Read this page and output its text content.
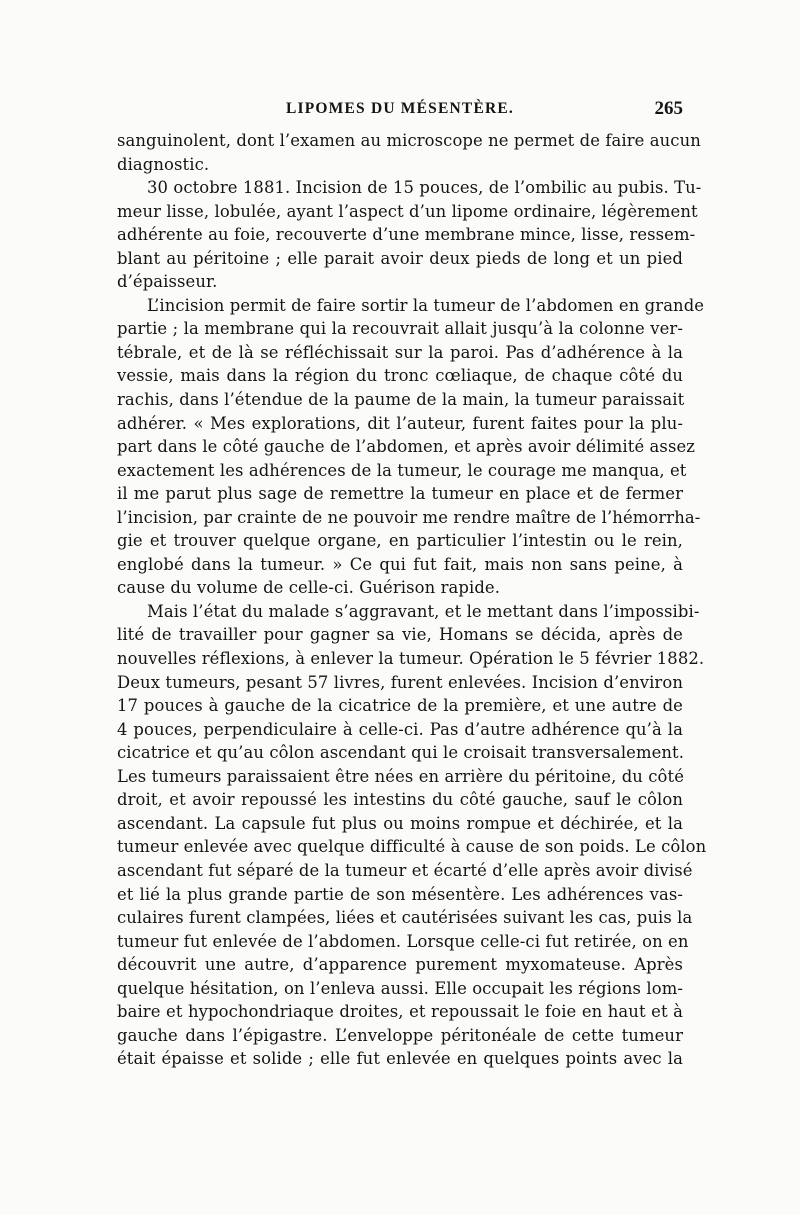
LIPOMES DU MÉSENTÈRE.	265
sanguinolent, dont l’examen au microscope ne permet de faire aucun
diagnostic.
30 octobre 1881. Incision de 15 pouces, de l’ombilic au pubis. Tu-
meur lisse, lobulée, ayant l’aspect d’un lipome ordinaire, légèrement
adhérente au foie, recouverte d’une membrane mince, lisse, ressem-
blant au péritoine ; elle parait avoir deux pieds de long et un pied
d’épaisseur.
L’incision permit de faire sortir la tumeur de l’abdomen en grande
partie ; la membrane qui la recouvrait allait jusqu’à la colonne ver-
tébrale, et de là se réfléchissait sur la paroi. Pas d’adhérence à la
vessie, mais dans la région du tronc cœliaque, de chaque côté du
rachis, dans l’étendue de la paume de la main, la tumeur paraissait
adhérer. « Mes explorations, dit l’auteur, furent faites pour la plu-
part dans le côté gauche de l’abdomen, et après avoir délimité assez
exactement les adhérences de la tumeur, le courage me manqua, et
il me parut plus sage de remettre la tumeur en place et de fermer
l’incision, par crainte de ne pouvoir me rendre maître de l’hémorrha-
gie et trouver quelque organe, en particulier l’intestin ou le rein,
englobé dans la tumeur. » Ce qui fut fait, mais non sans peine, à
cause du volume de celle-ci. Guérison rapide.
Mais l’état du malade s’aggravant, et le mettant dans l’impossibi-
lité de travailler pour gagner sa vie, Homans se décida, après de
nouvelles réflexions, à enlever la tumeur. Opération le 5 février 1882.
Deux tumeurs, pesant 57 livres, furent enlevées. Incision d’environ
17 pouces à gauche de la cicatrice de la première, et une autre de
4 pouces, perpendiculaire à celle-ci. Pas d’autre adhérence qu’à la
cicatrice et qu’au côlon ascendant qui le croisait transversalement.
Les tumeurs paraissaient être nées en arrière du péritoine, du côté
droit, et avoir repoussé les intestins du côté gauche, sauf le côlon
ascendant. La capsule fut plus ou moins rompue et déchirée, et la
tumeur enlevée avec quelque difficulté à cause de son poids. Le côlon
ascendant fut séparé de la tumeur et écarté d’elle après avoir divisé
et lié la plus grande partie de son mésentère. Les adhérences vas-
culaires furent clampées, liées et cautérisées suivant les cas, puis la
tumeur fut enlevée de l’abdomen. Lorsque celle-ci fut retirée, on en
découvrit une autre, d’apparence purement myxomateuse. Après
quelque hésitation, on l’enleva aussi. Elle occupait les régions lom-
baire et hypochondriaque droites, et repoussait le foie en haut et à
gauche dans l’épigastre. L’enveloppe péritonéale de cette tumeur
était épaisse et solide ; elle fut enlevée en quelques points avec la
